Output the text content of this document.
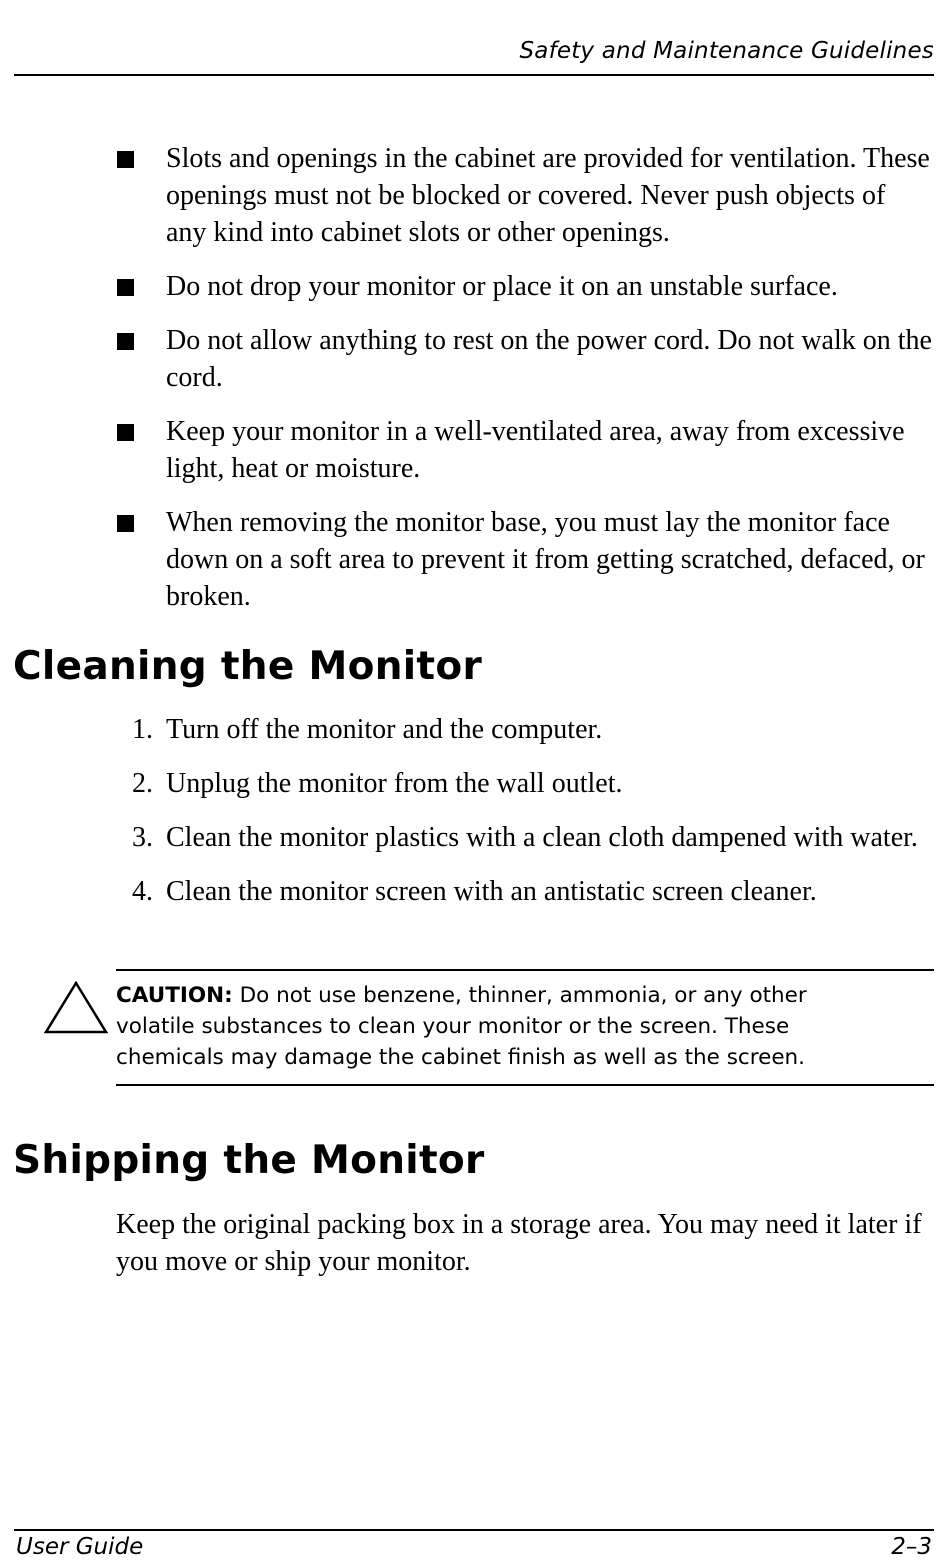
Safety and Maintenance Guidelines
Slots and openings in the cabinet are provided for ventilation. These openings must not be blocked or covered. Never push objects of any kind into cabinet slots or other openings.
Do not drop your monitor or place it on an unstable surface.
Do not allow anything to rest on the power cord. Do not walk on the cord.
Keep your monitor in a well-ventilated area, away from excessive light, heat or moisture.
When removing the monitor base, you must lay the monitor face down on a soft area to prevent it from getting scratched, defaced, or broken.
Cleaning the Monitor
1. Turn off the monitor and the computer.
2. Unplug the monitor from the wall outlet.
3. Clean the monitor plastics with a clean cloth dampened with water.
4. Clean the monitor screen with an antistatic screen cleaner.

CAUTION: Do not use benzene, thinner, ammonia, or any other volatile substances to clean your monitor or the screen. These chemicals may damage the cabinet finish as well as the screen.

Shipping the Monitor

Keep the original packing box in a storage area. You may need it later if you move or ship your monitor.

User Guide	2–3
